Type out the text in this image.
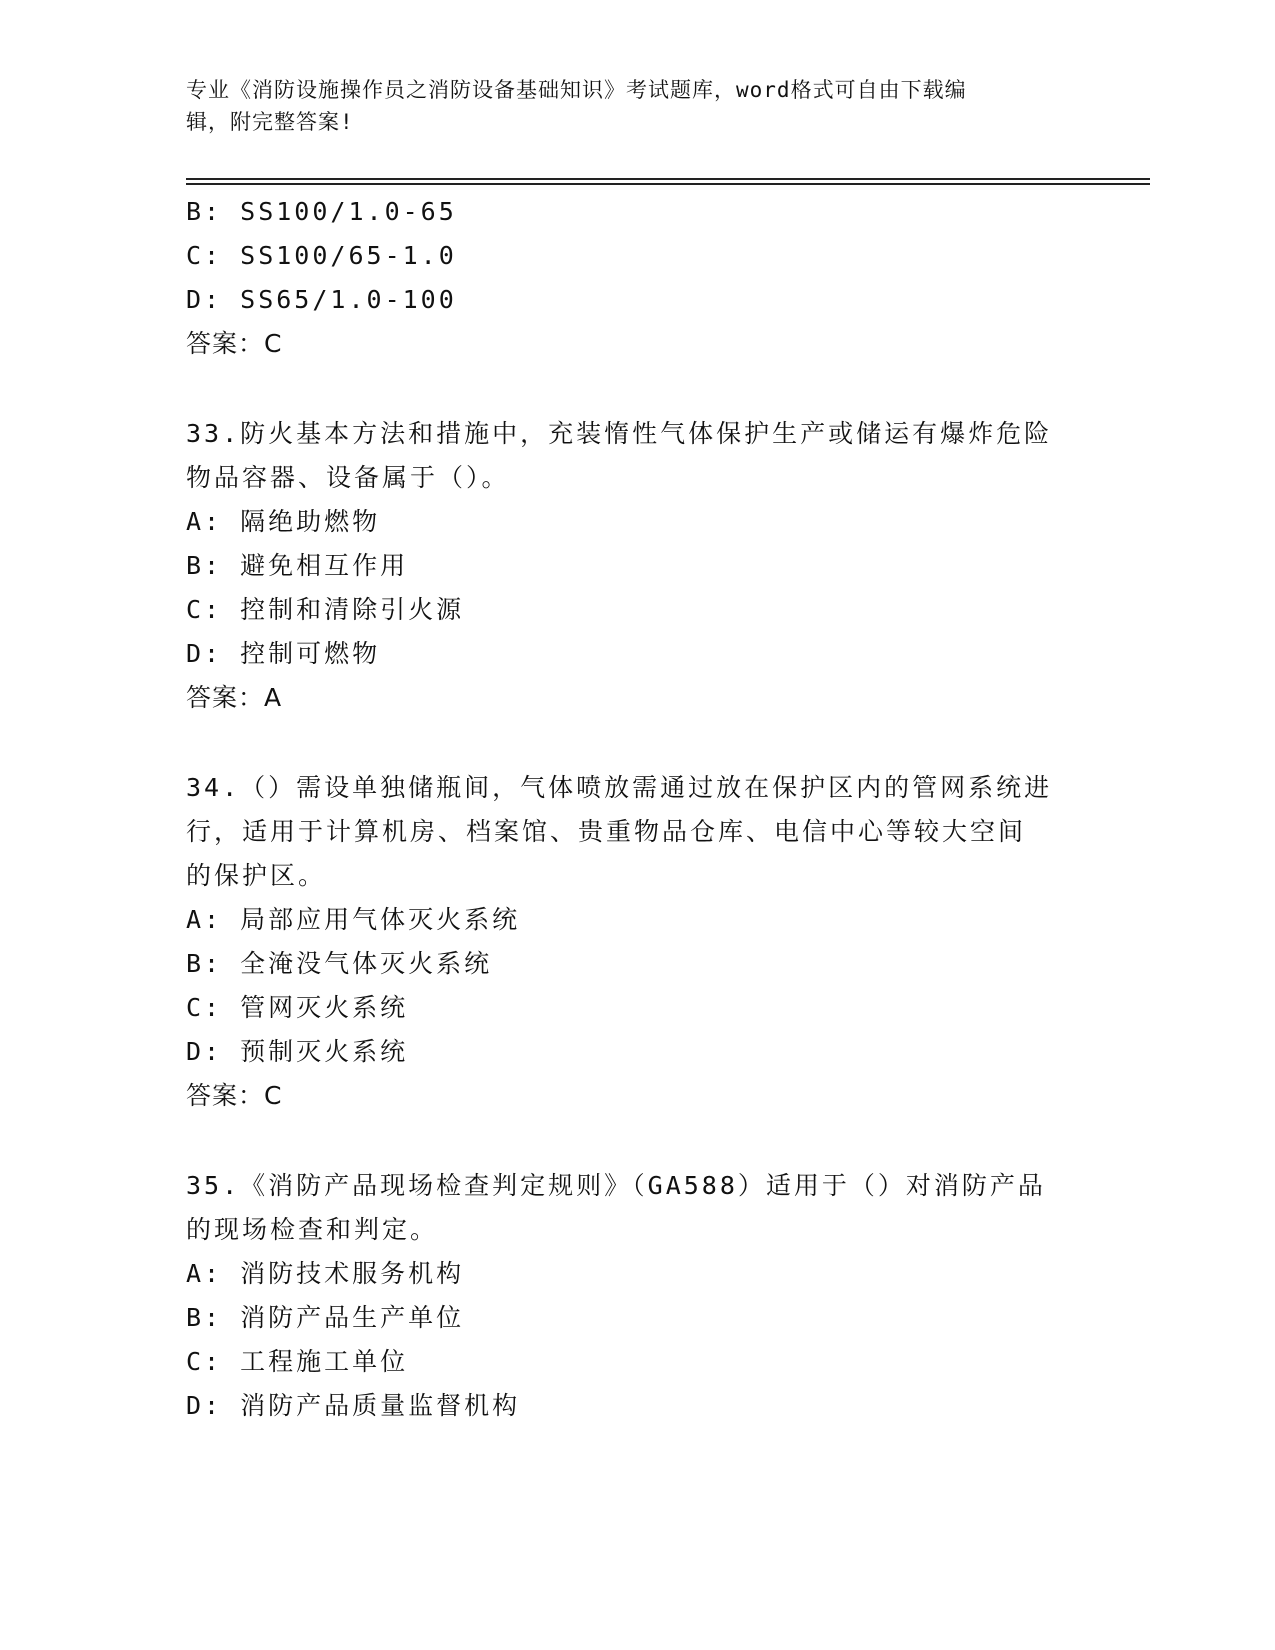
专业《消防设施操作员之消防设备基础知识》考试题库，word格式可自由下载编
辑，附完整答案!
B: SS100/1.0-65
C: SS100/65-1.0
D: SS65/1.0-100
答案：C
33.防火基本方法和措施中，充装惰性气体保护生产或储运有爆炸危险
物品容器、设备属于（）。
A: 隔绝助燃物
B: 避免相互作用
C: 控制和清除引火源
D: 控制可燃物
答案：A
34.（）需设单独储瓶间，气体喷放需通过放在保护区内的管网系统进
行，适用于计算机房、档案馆、贵重物品仓库、电信中心等较大空间
的保护区。
A: 局部应用气体灭火系统
B: 全淹没气体灭火系统
C: 管网灭火系统
D: 预制灭火系统
答案：C
35.《消防产品现场检查判定规则》（GA588）适用于（）对消防产品
的现场检查和判定。
A: 消防技术服务机构
B: 消防产品生产单位
C: 工程施工单位
D: 消防产品质量监督机构
